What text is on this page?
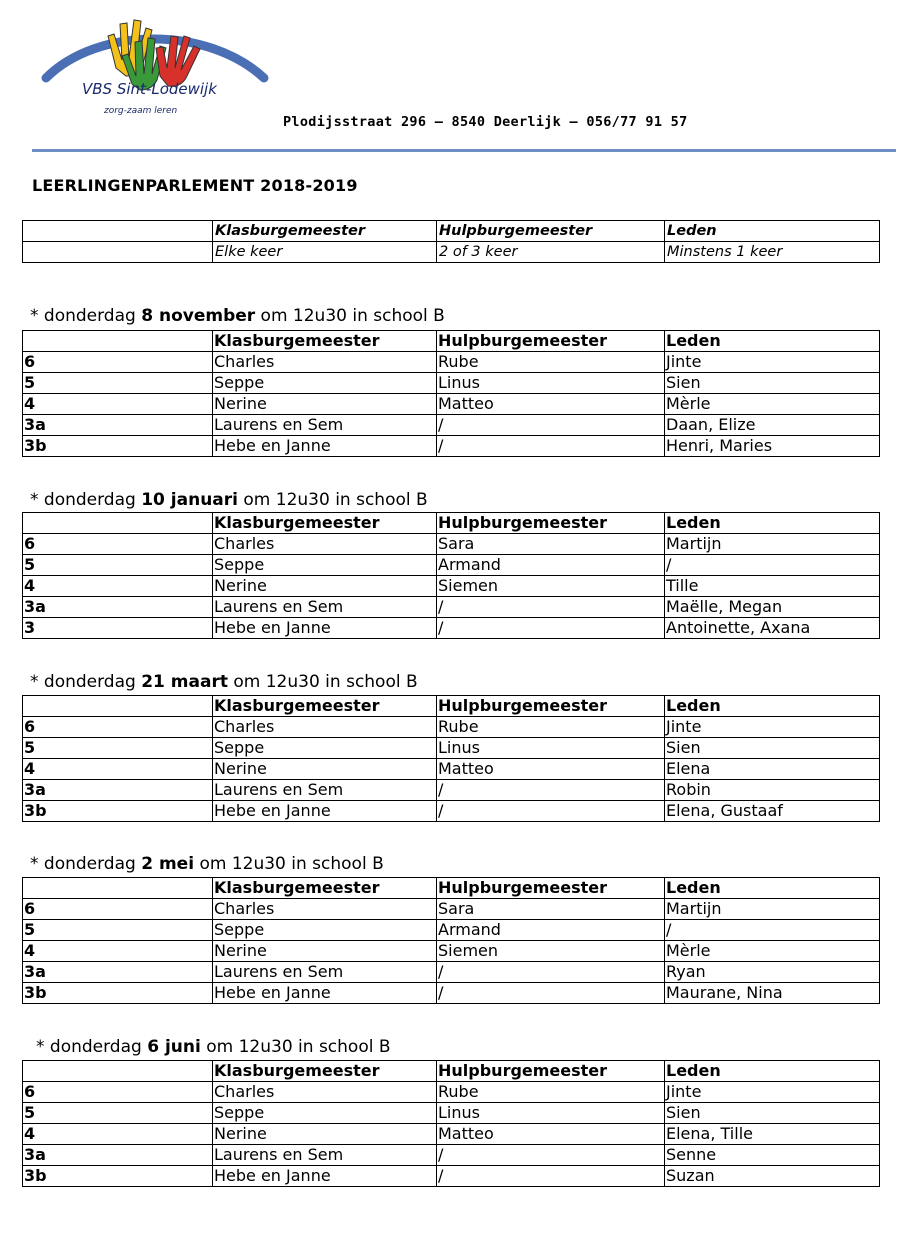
VBS Sint-Lodewijk
zorg-zaam leren
Plodijsstraat 296 – 8540 Deerlijk – 056/77 91 57
LEERLINGENPARLEMENT 2018-2019
	Klasburgemeester	Hulpburgemeester	Leden
	Elke keer	2 of 3 keer	Minstens 1 keer
* donderdag 8 november om 12u30 in school B
	Klasburgemeester	Hulpburgemeester	Leden
6	Charles	Rube	Jinte
5	Seppe	Linus	Sien
4	Nerine	Matteo	Mèrle
3a	Laurens en Sem	/	Daan, Elize
3b	Hebe en Janne	/	Henri, Maries
* donderdag 10 januari om 12u30 in school B
	Klasburgemeester	Hulpburgemeester	Leden
6	Charles	Sara	Martijn
5	Seppe	Armand	/
4	Nerine	Siemen	Tille
3a	Laurens en Sem	/	Maëlle, Megan
3	Hebe en Janne	/	Antoinette, Axana
* donderdag 21 maart om 12u30 in school B
	Klasburgemeester	Hulpburgemeester	Leden
6	Charles	Rube	Jinte
5	Seppe	Linus	Sien
4	Nerine	Matteo	Elena
3a	Laurens en Sem	/	Robin
3b	Hebe en Janne	/	Elena, Gustaaf
* donderdag 2 mei om 12u30 in school B
	Klasburgemeester	Hulpburgemeester	Leden
6	Charles	Sara	Martijn
5	Seppe	Armand	/
4	Nerine	Siemen	Mèrle
3a	Laurens en Sem	/	Ryan
3b	Hebe en Janne	/	Maurane, Nina
* donderdag 6 juni om 12u30 in school B
	Klasburgemeester	Hulpburgemeester	Leden
6	Charles	Rube	Jinte
5	Seppe	Linus	Sien
4	Nerine	Matteo	Elena, Tille
3a	Laurens en Sem	/	Senne
3b	Hebe en Janne	/	Suzan
